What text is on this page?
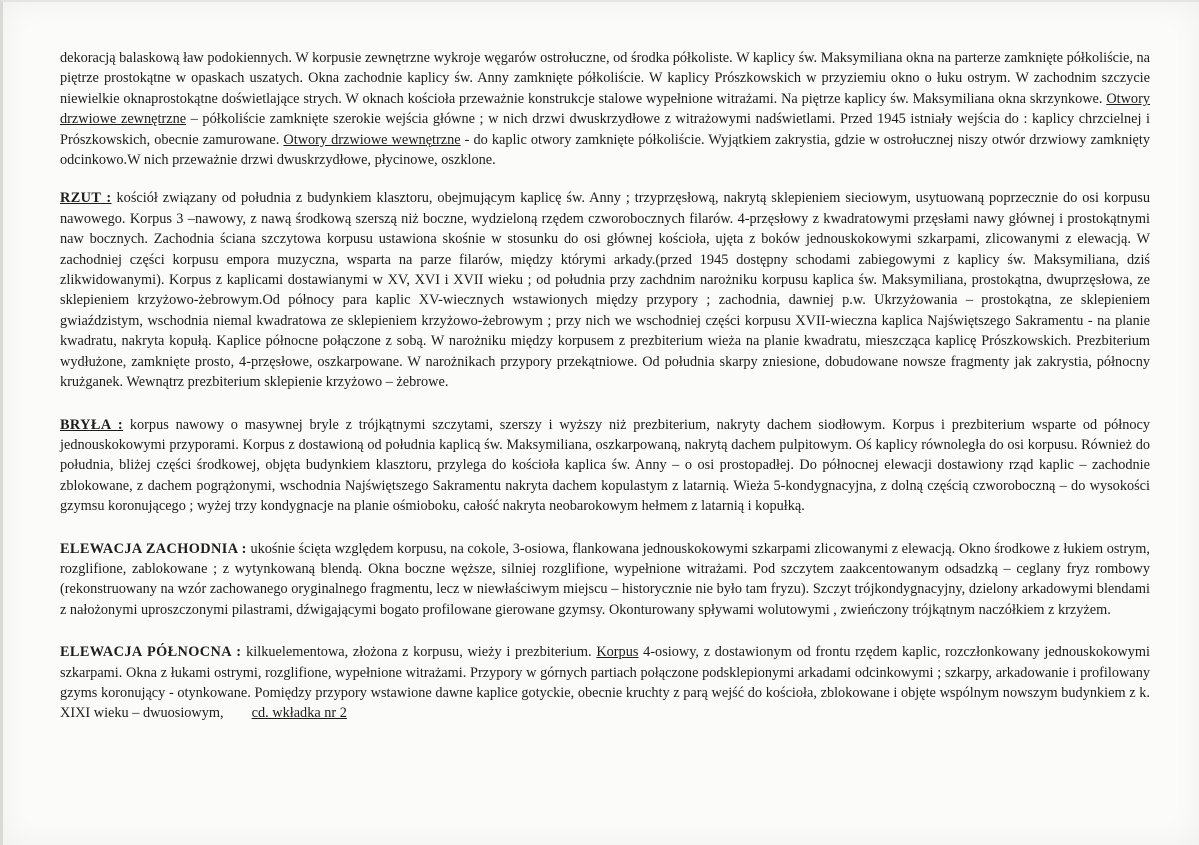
dekoracją balaskową ław podokiennych. W korpusie zewnętrzne wykroje węgarów ostrołuczne, od środka półkoliste. W kaplicy św. Maksymiliana okna na parterze zamknięte półkoliście, na piętrze prostokątne w opaskach uszatych. Okna zachodnie kaplicy św. Anny zamknięte półkoliście. W kaplicy Prószkowskich w przyziemiu okno o łuku ostrym. W zachodnim szczycie niewielkie oknaprostokątne doświetlające strych. W oknach kościoła przeważnie konstrukcje stalowe wypełnione witrażami. Na piętrze kaplicy św. Maksymiliana okna skrzynkowe. Otwory drzwiowe zewnętrzne – półkoliście zamknięte szerokie wejścia główne ; w nich drzwi dwuskrzydłowe z witrażowymi nadświetlami. Przed 1945 istniały wejścia do : kaplicy chrzcielnej i Prószkowskich, obecnie zamurowane. Otwory drzwiowe wewnętrzne - do kaplic otwory zamknięte półkoliście. Wyjątkiem zakrystia, gdzie w ostrołucznej niszy otwór drzwiowy zamknięty odcinkowo.W nich przeważnie drzwi dwuskrzydłowe, płycinowe, oszklone.

RZUT : kościół związany od południa z budynkiem klasztoru, obejmującym kaplicę św. Anny ; trzyprzęsłową, nakrytą sklepieniem sieciowym, usytuowaną poprzecznie do osi korpusu nawowego. Korpus 3 –nawowy, z nawą środkową szerszą niż boczne, wydzieloną rzędem czworobocznych filarów. 4-przęsłowy z kwadratowymi przęsłami nawy głównej i prostokątnymi naw bocznych. Zachodnia ściana szczytowa korpusu ustawiona skośnie w stosunku do osi głównej kościoła, ujęta z boków jednouskokowymi szkarpami, zlicowanymi z elewacją. W zachodniej części korpusu empora muzyczna, wsparta na parze filarów, między którymi arkady.(przed 1945 dostępny schodami zabiegowymi z kaplicy św. Maksymiliana, dziś zlikwidowanymi). Korpus z kaplicami dostawianymi w XV, XVI i XVII wieku ; od południa przy zachdnim narożniku korpusu kaplica św. Maksymiliana, prostokątna, dwuprzęsłowa, ze sklepieniem krzyżowo-żebrowym.Od północy para kaplic XV-wiecznych wstawionych między przypory ; zachodnia, dawniej p.w. Ukrzyżowania – prostokątna, ze sklepieniem gwiaździstym, wschodnia niemal kwadratowa ze sklepieniem krzyżowo-żebrowym ; przy nich we wschodniej części korpusu XVII-wieczna kaplica Najświętszego Sakramentu - na planie kwadratu, nakryta kopułą. Kaplice północne połączone z sobą. W narożniku między korpusem z prezbiterium wieża na planie kwadratu, mieszcząca kaplicę Prószkowskich. Prezbiterium wydłużone, zamknięte prosto, 4-przęsłowe, oszkarpowane. W narożnikach przypory przekątniowe. Od południa skarpy zniesione, dobudowane nowsze fragmenty jak zakrystia, północny krużganek. Wewnątrz prezbiterium sklepienie krzyżowo – żebrowe.

BRYŁA : korpus nawowy o masywnej bryle z trójkątnymi szczytami, szerszy i wyższy niż prezbiterium, nakryty dachem siodłowym. Korpus i prezbiterium wsparte od północy jednouskokowymi przyporami. Korpus z dostawioną od południa kaplicą św. Maksymiliana, oszkarpowaną, nakrytą dachem pulpitowym. Oś kaplicy równoległa do osi korpusu. Również do południa, bliżej części środkowej, objęta budynkiem klasztoru, przylega do kościoła kaplica św. Anny – o osi prostopadłej. Do północnej elewacji dostawiony rząd kaplic – zachodnie zblokowane, z dachem pogrążonymi, wschodnia Najświętszego Sakramentu nakryta dachem kopulastym z latarnią. Wieża 5-kondygnacyjna, z dolną częścią czworoboczną – do wysokości gzymsu koronującego ; wyżej trzy kondygnacje na planie ośmioboku, całość nakryta neobarokowym hełmem z latarnią i kopułką.

ELEWACJA ZACHODNIA : ukośnie ścięta względem korpusu, na cokole, 3-osiowa, flankowana jednouskokowymi szkarpami zlicowanymi z elewacją. Okno środkowe z łukiem ostrym, rozglifione, zablokowane ; z wytynkowaną blendą. Okna boczne węższe, silniej rozglifione, wypełnione witrażami. Pod szczytem zaakcentowanym odsadzką – ceglany fryz rombowy (rekonstruowany na wzór zachowanego oryginalnego fragmentu, lecz w niewłaściwym miejscu – historycznie nie było tam fryzu). Szczyt trójkondygnacyjny, dzielony arkadowymi blendami z nałożonymi uproszczonymi pilastrami, dźwigającymi bogato profilowane gierowane gzymsy. Okonturowany spływami wolutowymi , zwieńczony trójkątnym naczółkiem z krzyżem.

ELEWACJA PÓŁNOCNA : kilkuelementowa, złożona z korpusu, wieży i prezbiterium. Korpus 4-osiowy, z dostawionym od frontu rzędem kaplic, rozczłonkowany jednouskokowymi szkarpami. Okna z łukami ostrymi, rozglifione, wypełnione witrażami. Przypory w górnych partiach połączone podsklepionymi arkadami odcinkowymi ; szkarpy, arkadowanie i profilowany gzyms koronujący - otynkowane. Pomiędzy przypory wstawione dawne kaplice gotyckie, obecnie kruchty z parą wejść do kościoła, zblokowane i objęte wspólnym nowszym budynkiem z k. XIXI wieku – dwuosiowym, cd. wkładka nr 2
